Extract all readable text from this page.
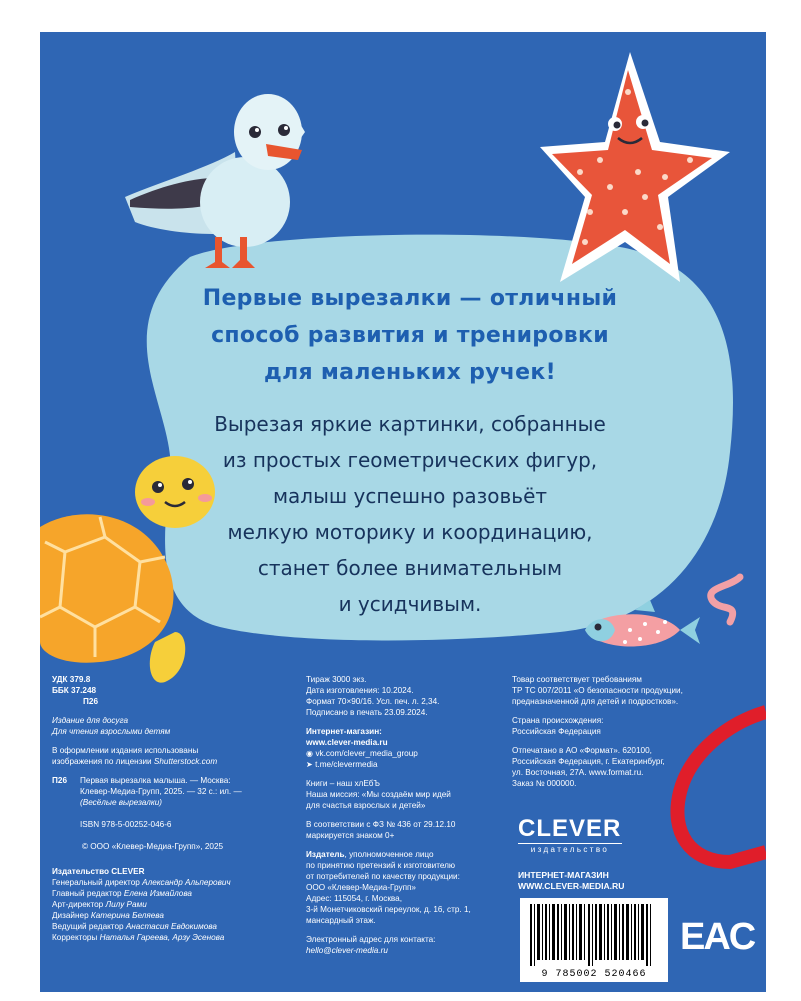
Первые вырезалки — отличный
способ развития и тренировки
для маленьких ручек!
Вырезая яркие картинки, собранные
из простых геометрических фигур,
малыш успешно разовьёт
мелкую моторику и координацию,
станет более внимательным
и усидчивым.
УДК 379.8
ББК 37.248
П26
Издание для досуга
Для чтения взрослыми детям
В оформлении издания использованы
изображения по лицензии Shutterstock.com
П26	Первая вырезалка малыша. — Москва:
Клевер-Медиа-Групп, 2025. — 32 с.: ил. —
(Весёлые вырезалки)
ISBN 978-5-00252-046-6
© ООО «Клевер-Медиа-Групп», 2025
Издательство CLEVER
Генеральный директор Александр Альперович
Главный редактор Елена Измайлова
Арт-директор Лилу Рами
Дизайнер Катерина Беляева
Ведущий редактор Анастасия Евдокимова
Корректоры Наталья Гареева, Арзу Эсенова
Тираж 3000 экз.
Дата изготовления: 10.2024.
Формат 70×90/16. Усл. печ. л. 2,34.
Подписано в печать 23.09.2024.
Интернет-магазин:
www.clever-media.ru
◉ vk.com/clever_media_group
➤ t.me/clevermedia
Книги – наш хлЕбЪ
Наша миссия: «Мы создаём мир идей
для счастья взрослых и детей»
В соответствии с ФЗ № 436 от 29.12.10
маркируется знаком 0+
Издатель, уполномоченное лицо
по принятию претензий к изготовителю
от потребителей по качеству продукции:
ООО «Клевер-Медиа-Групп»
Адрес: 115054, г. Москва,
3-й Монетчиковский переулок, д. 16, стр. 1,
мансардный этаж.
Электронный адрес для контакта:
hello@clever-media.ru
Товар соответствует требованиям
ТР ТС 007/2011 «О безопасности продукции,
предназначенной для детей и подростков».
Страна происхождения:
Российская Федерация
Отпечатано в АО «Формат». 620100,
Российская Федерация, г. Екатеринбург,
ул. Восточная, 27А. www.format.ru.
Заказ № 000000.
CLEVER
издательство
ИНТЕРНЕТ-МАГАЗИН
WWW.CLEVER-MEDIA.RU
9 785002 520466
EAC
